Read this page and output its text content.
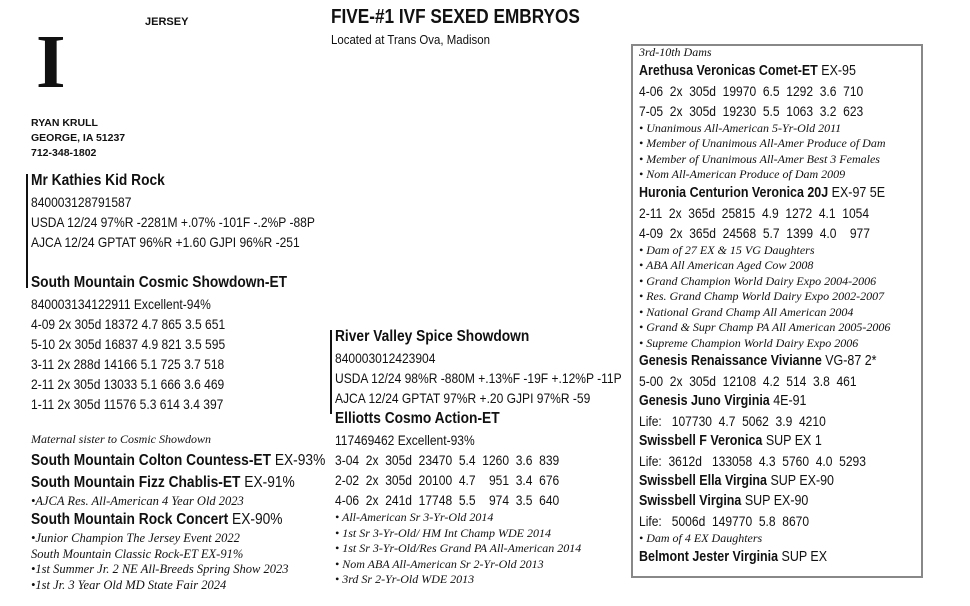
I	JERSEY	FIVE-#1 IVF SEXED EMBRYOS
Located at Trans Ova, Madison
RYAN KRULL
GEORGE, IA 51237
712-348-1802
Mr Kathies Kid Rock
840003128791587
USDA 12/24 97%R -2281M +.07% -101F -.2%P -88P
AJCA 12/24 GPTAT 96%R +1.60 GJPI 96%R -251
South Mountain Cosmic Showdown-ET
840003134122911 Excellent-94%
4-09 2x 305d 18372 4.7 865 3.5 651
5-10 2x 305d 16837 4.9 821 3.5 595
3-11 2x 288d 14166 5.1 725 3.7 518
2-11 2x 305d 13033 5.1 666 3.6 469
1-11 2x 305d 11576 5.3 614 3.4 397
Maternal sister to Cosmic Showdown
South Mountain Colton Countess-ET EX-93%
South Mountain Fizz Chablis-ET EX-91%
•AJCA Res. All-American 4 Year Old 2023
South Mountain Rock Concert EX-90%
•Junior Champion The Jersey Event 2022
South Mountain Classic Rock-ET EX-91%
•1st Summer Jr. 2 NE All-Breeds Spring Show 2023
•1st Jr. 3 Year Old MD State Fair 2024
River Valley Spice Showdown
840003012423904
USDA 12/24 98%R -880M +.13%F -19F +.12%P -11P
AJCA 12/24 GPTAT 97%R +.20 GJPI 97%R -59
Elliotts Cosmo Action-ET
117469462 Excellent-93%
3-04  2x  305d  23470  5.4  1260  3.6  839
2-02  2x  305d  20100  4.7    951  3.4  676
4-06  2x  241d  17748  5.5    974  3.5  640
• All-American Sr 3-Yr-Old 2014
• 1st Sr 3-Yr-Old/ HM Int Champ WDE 2014
• 1st Sr 3-Yr-Old/Res Grand PA All-American 2014
• Nom ABA All-American Sr 2-Yr-Old 2013
• 3rd Sr 2-Yr-Old WDE 2013
3rd-10th Dams
Arethusa Veronicas Comet-ET EX-95
4-06  2x  305d  19970  6.5  1292  3.6  710
7-05  2x  305d  19230  5.5  1063  3.2  623
• Unanimous All-American 5-Yr-Old 2011
• Member of Unanimous All-Amer Produce of Dam
• Member of Unanimous All-Amer Best 3 Females
• Nom All-American Produce of Dam 2009
Huronia Centurion Veronica 20J EX-97 5E
2-11  2x  365d  25815  4.9  1272  4.1  1054
4-09  2x  365d  24568  5.7  1399  4.0    977
• Dam of 27 EX & 15 VG Daughters
• ABA All American Aged Cow 2008
• Grand Champion World Dairy Expo 2004-2006
• Res. Grand Champ World Dairy Expo 2002-2007
• National Grand Champ All American 2004
• Grand & Supr Champ PA All American 2005-2006
• Supreme Champion World Dairy Expo 2006
Genesis Renaissance Vivianne VG-87 2*
5-00  2x  305d  12108  4.2  514  3.8  461
Genesis Juno Virginia 4E-91
Life:   107730  4.7  5062  3.9  4210
Swissbell F Veronica SUP EX 1
Life:  3612d   133058  4.3  5760  4.0  5293
Swissbell Ella Virgina SUP EX-90
Swissbell Virgina SUP EX-90
Life:   5006d  149770  5.8  8670
• Dam of 4 EX Daughters
Belmont Jester Virginia SUP EX
